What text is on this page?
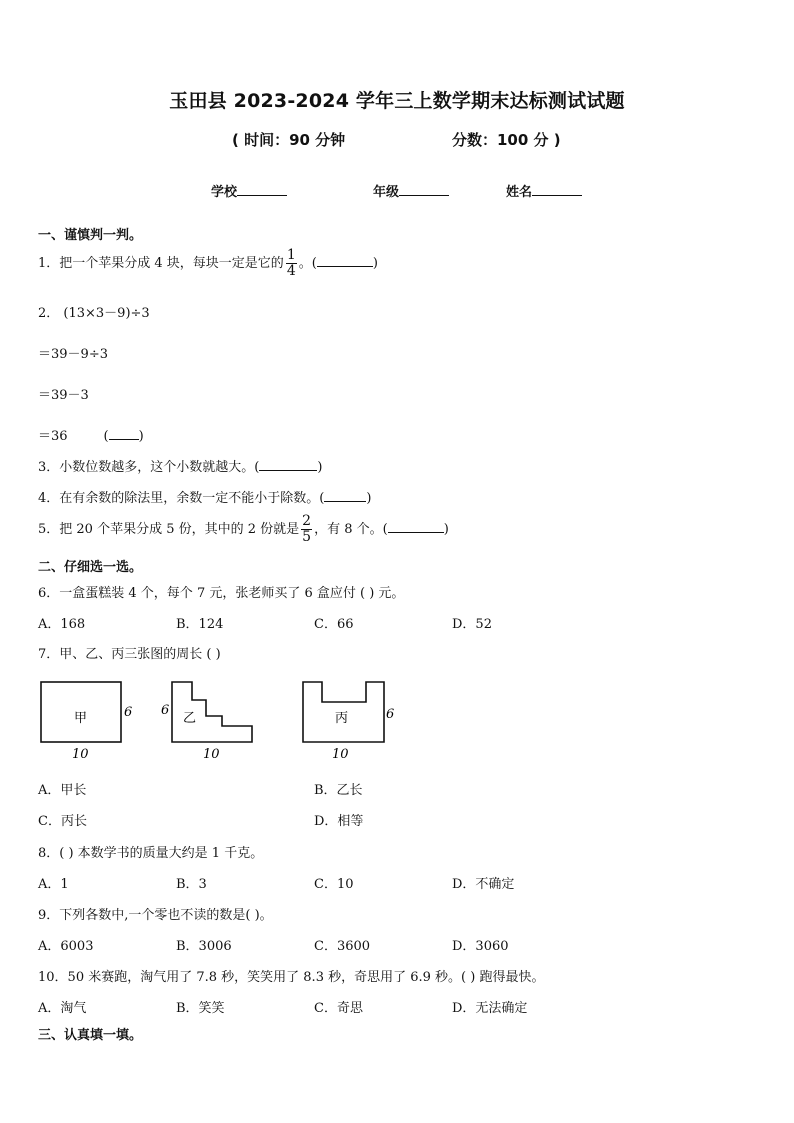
玉田县 2023-2024 学年三上数学期末达标测试试题
( 时间：90 分钟	分数：100 分 )
学校	年级	姓名
一、谨慎判一判。
1．把一个苹果分成 4 块，每块一定是它的 $\frac{1}{4}$ 。(	)
2． (13×3－9)÷3
＝39－9÷3
＝39－3
＝36	( )
3．小数位数越多，这个小数就越大。(	)
4．在有余数的除法里，余数一定不能小于除数。(	)
5．把 20 个苹果分成 5 份，其中的 2 份就是 $\frac{2}{5}$ ，有 8 个。(	)
二、仔细选一选。
6．一盒蛋糕装 4 个，每个 7 元，张老师买了 6 盒应付 ( ) 元。
A．168	B．124	C．66	D．52
7．甲、乙、丙三张图的周长 ( )
甲	6
10
乙
6
10
丙	6
10
A．甲长	B．乙长
C．丙长	D．相等
8．( ) 本数学书的质量大约是 1 千克。
A．1	B．3	C．10	D．不确定
9．下列各数中,一个零也不读的数是( )。
A．6003	B．3006	C．3600	D．3060
10．50 米赛跑，淘气用了 7.8 秒，笑笑用了 8.3 秒，奇思用了 6.9 秒。( ) 跑得最快。
A．淘气	B．笑笑	C．奇思	D．无法确定
三、认真填一填。
